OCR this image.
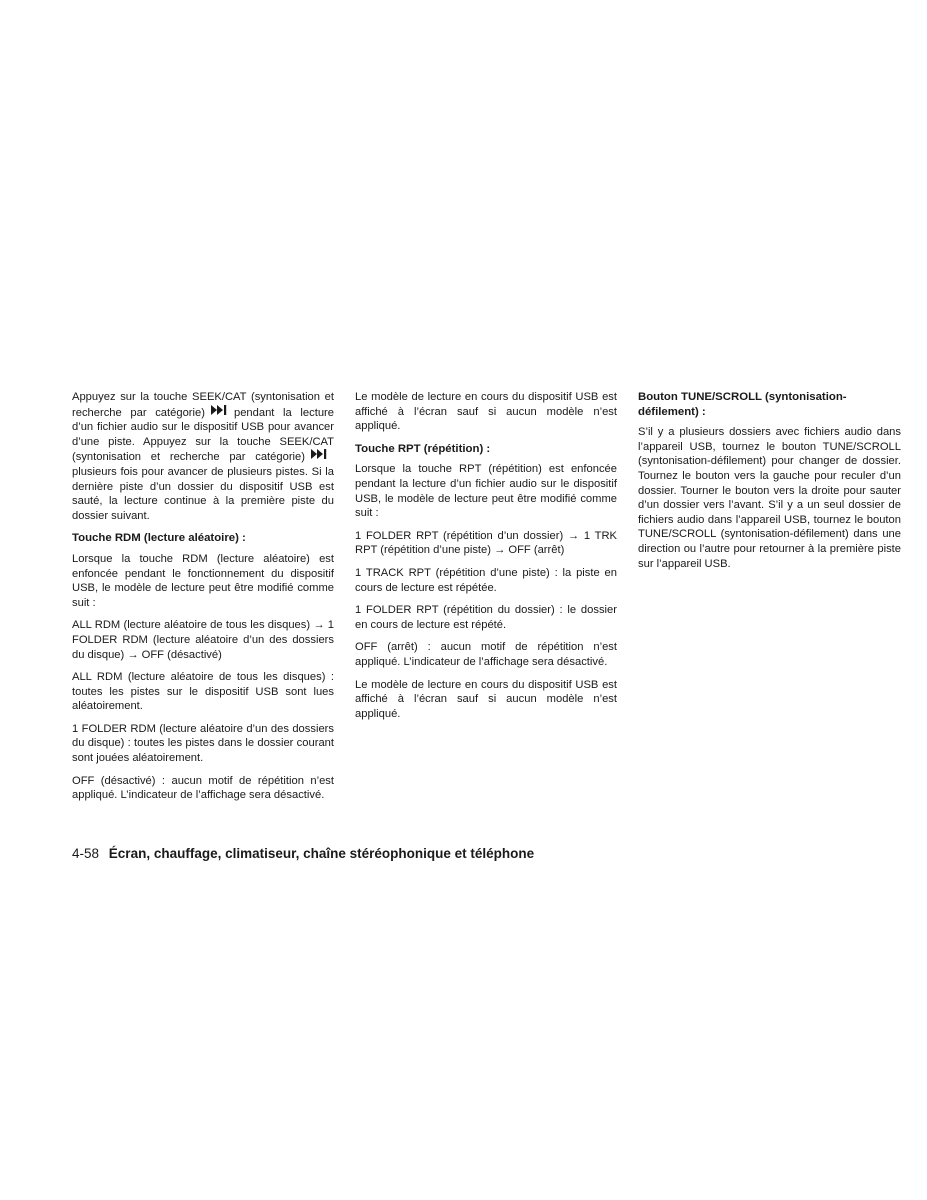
Appuyez sur la touche SEEK/CAT (syntonisation et recherche par catégorie)	pendant la lecture d’un fichier audio sur le dispositif USB pour avancer d’une piste. Appuyez sur la touche SEEK/CAT (syntonisation et recherche par catégorie)
plusieurs fois pour avancer de plusieurs pistes. Si la dernière piste d’un dossier du dispositif USB est sauté, la lecture continue à la première piste du dossier suivant.

Touche RDM (lecture aléatoire) :

Lorsque la touche RDM (lecture aléatoire) est enfoncée pendant le fonctionnement du dispositif USB, le modèle de lecture peut être modifié comme suit :

ALL RDM (lecture aléatoire de tous les disques) → 1 FOLDER RDM (lecture aléatoire d’un des dossiers du disque) → OFF (désactivé)

ALL RDM (lecture aléatoire de tous les disques) : toutes les pistes sur le dispositif USB sont lues aléatoirement.

1 FOLDER RDM (lecture aléatoire d’un des dossiers du disque) : toutes les pistes dans le dossier courant sont jouées aléatoirement.

OFF (désactivé) : aucun motif de répétition n’est appliqué. L’indicateur de l’affichage sera désactivé.

Le modèle de lecture en cours du dispositif USB est affiché à l’écran sauf si aucun modèle n’est appliqué.

Touche RPT (répétition) :

Lorsque la touche RPT (répétition) est enfoncée pendant la lecture d’un fichier audio sur le dispositif USB, le modèle de lecture peut être modifié comme suit :

1 FOLDER RPT (répétition d’un dossier) → 1 TRK RPT (répétition d’une piste) → OFF (arrêt)

1 TRACK RPT (répétition d’une piste) : la piste en cours de lecture est répétée.

1 FOLDER RPT (répétition du dossier) : le dossier en cours de lecture est répété.

OFF (arrêt) : aucun motif de répétition n’est appliqué. L’indicateur de l’affichage sera désactivé.

Le modèle de lecture en cours du dispositif USB est affiché à l’écran sauf si aucun modèle n’est appliqué.

Bouton TUNE/SCROLL (syntonisation-défilement) :

S’il y a plusieurs dossiers avec fichiers audio dans l’appareil USB, tournez le bouton TUNE/SCROLL (syntonisation-défilement) pour changer de dossier. Tournez le bouton vers la gauche pour reculer d’un dossier. Tourner le bouton vers la droite pour sauter d’un dossier vers l’avant. S’il y a un seul dossier de fichiers audio dans l’appareil USB, tournez le bouton TUNE/SCROLL (syntonisation-défilement) dans une direction ou l’autre pour retourner à la première piste sur l’appareil USB.

4-58 Écran, chauffage, climatiseur, chaîne stéréophonique et téléphone
